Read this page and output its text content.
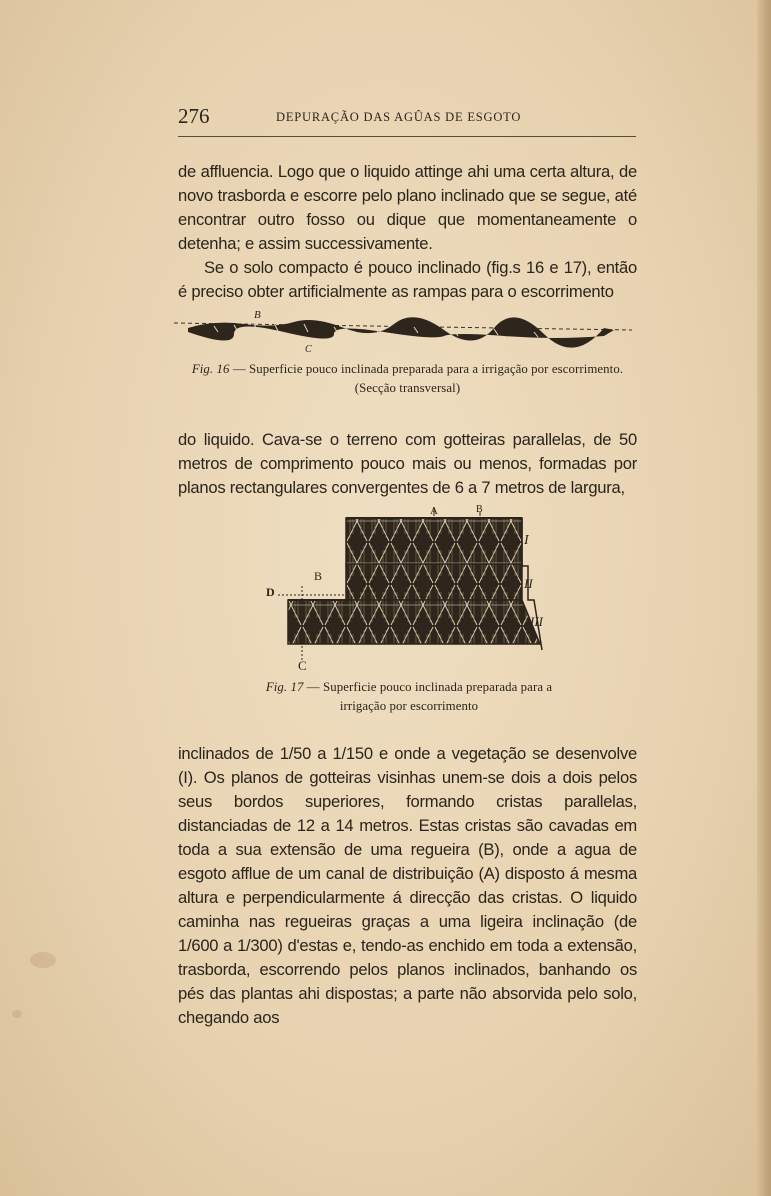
276	DEPURAÇÃO DAS AGÛAS DE ESGOTO

de affluencia. Logo que o liquido attinge ahi uma certa altura, de novo trasborda e escorre pelo plano inclinado que se segue, até encontrar outro fosso ou dique que momentaneamente o detenha; e assim successivamente.

Se o solo compacto é pouco inclinado (fig.s 16 e 17), então é preciso obter artificialmente as rampas para o escorrimento

B
C
Fig. 16 — Superficie pouco inclinada preparada para a irrigação por escorrimento. (Secção transversal)

do liquido. Cava-se o terreno com gotteiras parallelas, de 50 metros de comprimento pouco mais ou menos, formadas por planos rectangulares convergentes de 6 a 7 metros de largura,

A	B
B
D
C
I
II
III
Fig. 17 — Superficie pouco inclinada preparada para a irrigação por escorrimento

inclinados de 1/50 a 1/150 e onde a vegetação se desenvolve (I). Os planos de gotteiras visinhas unem-se dois a dois pelos seus bordos superiores, formando cristas parallelas, distanciadas de 12 a 14 metros. Estas cristas são cavadas em toda a sua extensão de uma regueira (B), onde a agua de esgoto afflue de um canal de distribuição (A) disposto á mesma altura e perpendicularmente á direcção das cristas. O liquido caminha nas regueiras graças a uma ligeira inclinação (de 1/600 a 1/300) d'estas e, tendo-as enchido em toda a extensão, trasborda, escorrendo pelos planos inclinados, banhando os pés das plantas ahi dispostas; a parte não absorvida pelo solo, chegando aos
